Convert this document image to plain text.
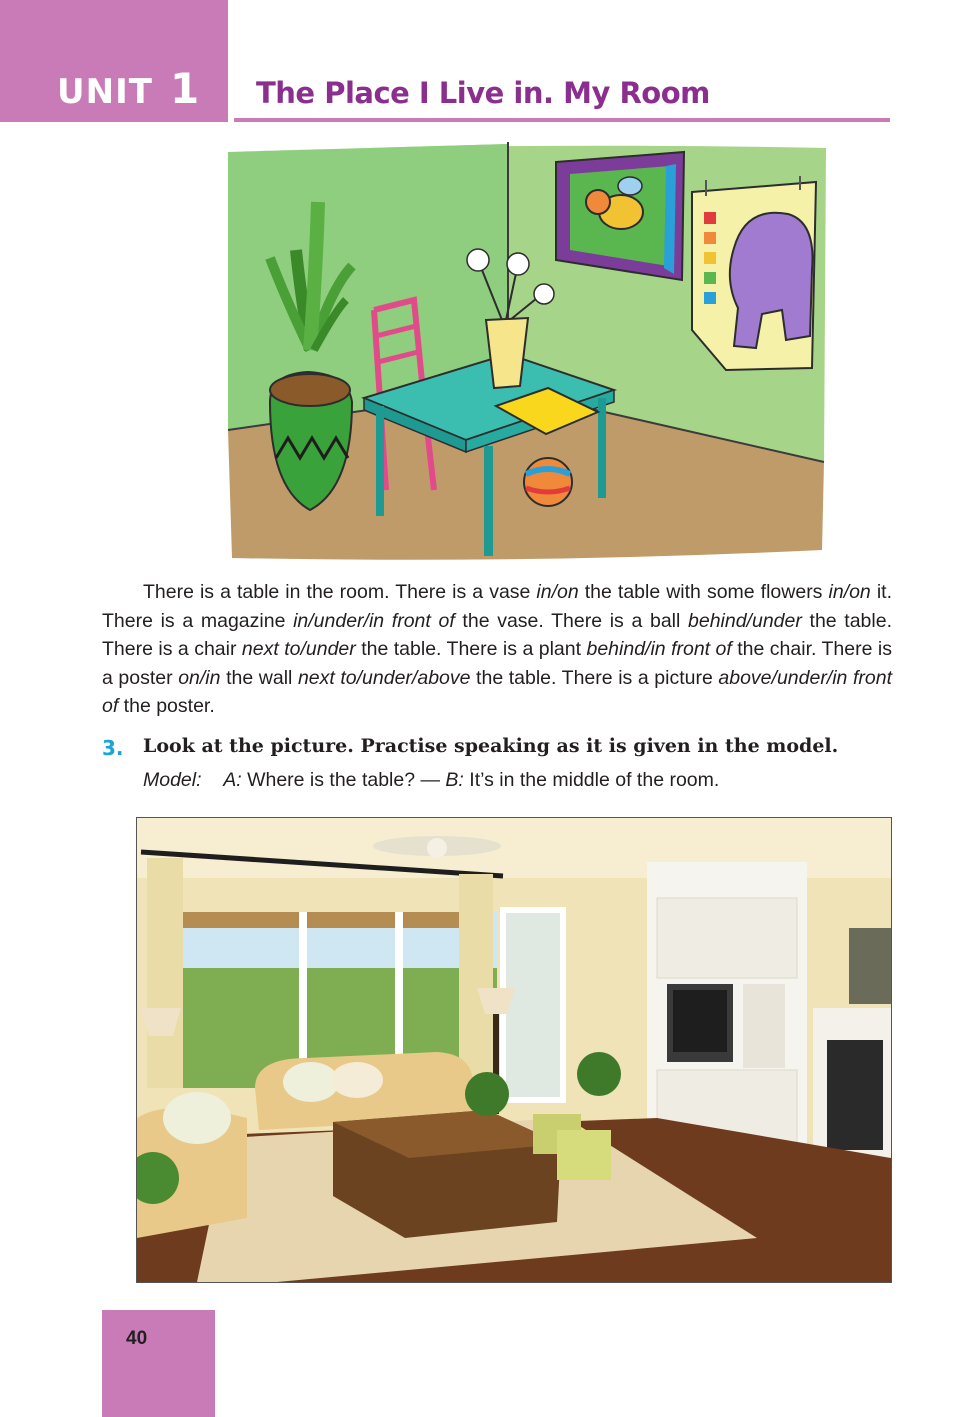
UNIT 1 The Place I Live in. My Room

There is a table in the room. There is a vase in/on the table with some flowers in/on it. There is a magazine in/under/in front of the vase. There is a ball behind/under the table. There is a chair next to/under the table. There is a plant behind/in front of the chair. There is a poster on/in the wall next to/under/above the table. There is a picture above/under/in front of the poster.

3. Look at the picture. Practise speaking as it is given in the model.
Model: A: Where is the table? — B: It’s in the middle of the room.
40
